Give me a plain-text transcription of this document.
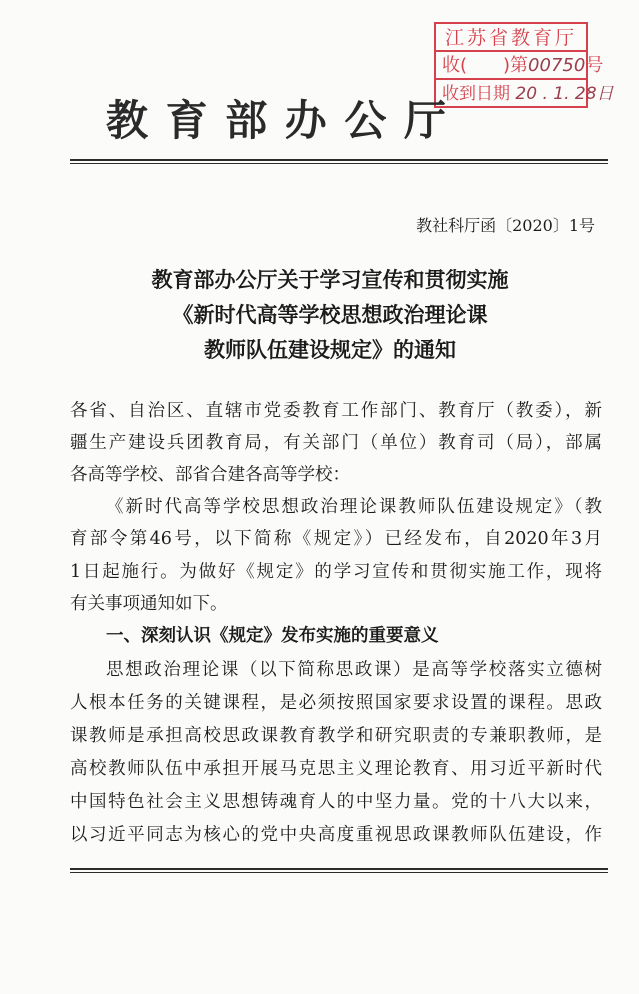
江苏省教育厅
收(　　)第00750号
收到日期 20 . 1. 28日
教 育 部 办 公 厅
教社科厅函〔2020〕1号
教育部办公厅关于学习宣传和贯彻实施
《新时代高等学校思想政治理论课
教师队伍建设规定》的通知
各省、自治区、直辖市党委教育工作部门、教育厅（教委），新
疆生产建设兵团教育局，有关部门（单位）教育司（局），部属
各高等学校、部省合建各高等学校：
《新时代高等学校思想政治理论课教师队伍建设规定》（教
育部令第46号，以下简称《规定》）已经发布，自2020年3月
1日起施行。为做好《规定》的学习宣传和贯彻实施工作，现将
有关事项通知如下。
一、深刻认识《规定》发布实施的重要意义
思想政治理论课（以下简称思政课）是高等学校落实立德树
人根本任务的关键课程，是必须按照国家要求设置的课程。思政
课教师是承担高校思政课教育教学和研究职责的专兼职教师，是
高校教师队伍中承担开展马克思主义理论教育、用习近平新时代
中国特色社会主义思想铸魂育人的中坚力量。党的十八大以来，
以习近平同志为核心的党中央高度重视思政课教师队伍建设，作
